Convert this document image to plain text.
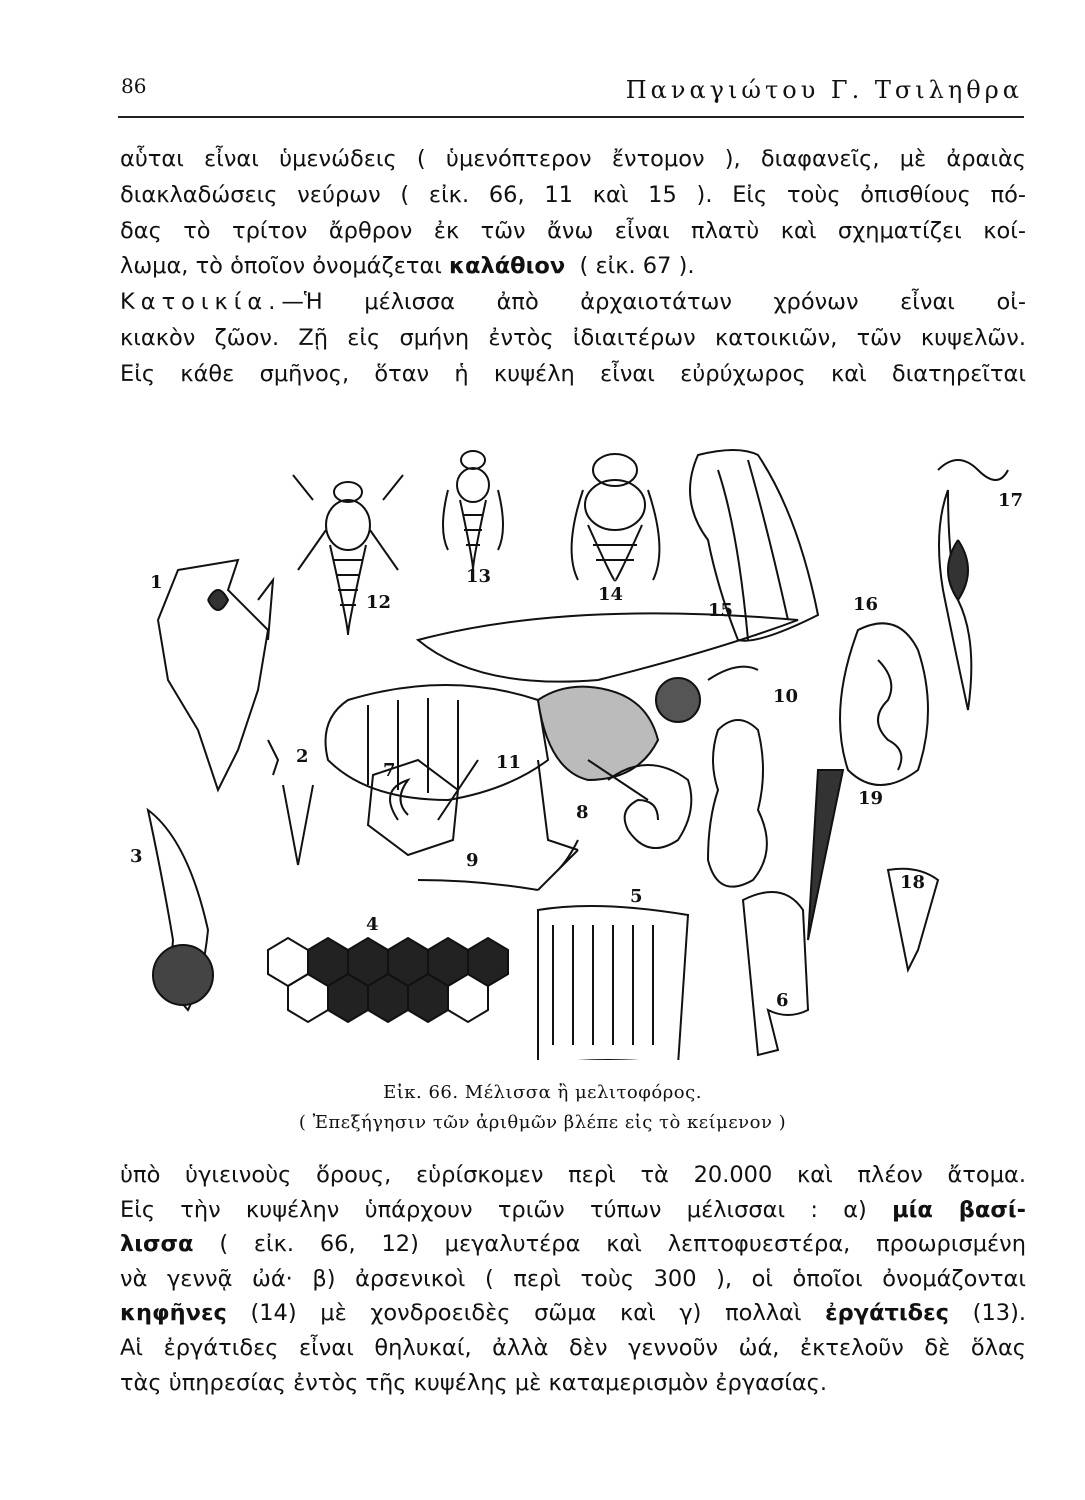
86	Παναγιώτου Γ. Τσιληθρα
αὗται εἶναι ὑμενώδεις ( ὑμενόπτερον ἔντομον ), διαφανεῖς, μὲ ἀραιὰς
διακλαδώσεις νεύρων ( εἰκ. 66, 11 καὶ 15 ). Εἰς τοὺς ὀπισθίους πό-
δας τὸ τρίτον ἄρθρον ἐκ τῶν ἄνω εἶναι πλατὺ καὶ σχηματίζει κοί-
λωμα, τὸ ὁποῖον ὀνομάζεται καλάθιον ( εἰκ. 67 ).
Κατοικία.—Ἡ μέλισσα ἀπὸ ἀρχαιοτάτων χρόνων εἶναι οἰ-
κιακὸν ζῶον. Ζῇ εἰς σμήνη ἐντὸς ἰδιαιτέρων κατοικιῶν, τῶν κυψελῶν.
Εἰς κάθε σμῆνος, ὅταν ἡ κυψέλη εἶναι εὐρύχωρος καὶ διατηρεῖται
1
2
3
4
5
6
7
8
9
10
11
12
13
14
15	16
17
18
19
Εἰκ. 66. Μέλισσα ἢ μελιτοφόρος.
( Ἐπεξήγησιν τῶν ἀριθμῶν βλέπε εἰς τὸ κείμενον )
ὑπὸ ὑγιεινοὺς ὅρους, εὑρίσκομεν περὶ τὰ 20.000 καὶ πλέον ἄτομα.
Εἰς τὴν κυψέλην ὑπάρχουν τριῶν τύπων μέλισσαι : α) μία βασί-
λισσα ( εἰκ. 66, 12) μεγαλυτέρα καὶ λεπτοφυεστέρα, προωρισμένη
νὰ γεννᾷ ὠά· β) ἀρσενικοὶ ( περὶ τοὺς 300 ), οἱ ὁποῖοι ὀνομάζονται
κηφῆνες (14) μὲ χονδροειδὲς σῶμα καὶ γ) πολλαὶ ἐργάτιδες (13).
Αἱ ἐργάτιδες εἶναι θηλυκαί, ἀλλὰ δὲν γεννοῦν ὠά, ἐκτελοῦν δὲ ὅλας
τὰς ὑπηρεσίας ἐντὸς τῆς κυψέλης μὲ καταμερισμὸν ἐργασίας.
